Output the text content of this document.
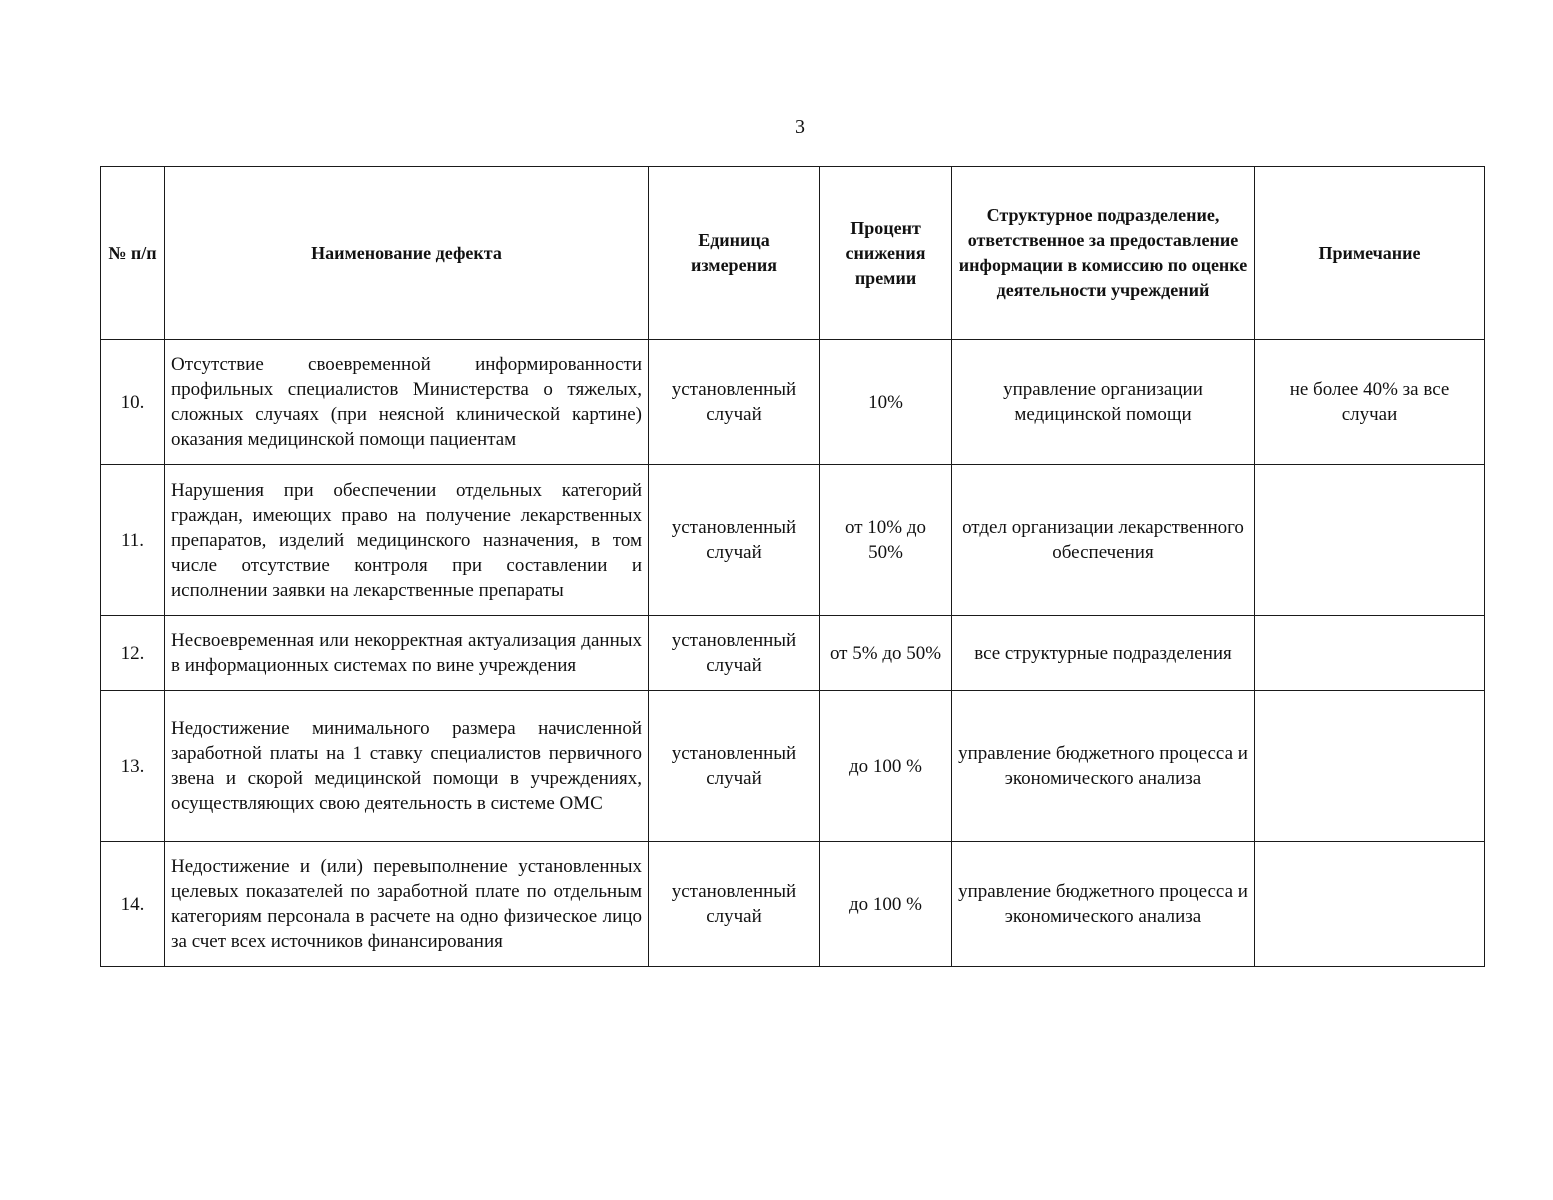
3
№ п/п	Наименование дефекта	Единица измерения	Процент снижения премии	Структурное подразделение, ответственное за предоставление информации в комиссию по оценке деятельности учреждений	Примечание
10.	Отсутствие своевременной информированности профильных специалистов Министерства о тяжелых, сложных случаях (при неясной клинической картине) оказания медицинской помощи пациентам	установленный случай	10%	управление организации медицинской помощи	не более 40% за все случаи
11.	Нарушения при обеспечении отдельных категорий граждан, имеющих право на получение лекарственных препаратов, изделий медицинского назначения, в том числе отсутствие контроля при составлении и исполнении заявки на лекарственные препараты	установленный случай	от 10% до 50%	отдел организации лекарственного обеспечения	
12.	Несвоевременная или некорректная актуализация данных в информационных системах по вине учреждения	установленный случай	от 5% до 50%	все структурные подразделения	
13.	Недостижение минимального размера начисленной заработной платы на 1 ставку специалистов первичного звена и скорой медицинской помощи в учреждениях, осуществляющих свою деятельность в системе ОМС	установленный случай	до 100 %	управление бюджетного процесса и экономического анализа	
14.	Недостижение и (или) перевыполнение установленных целевых показателей по заработной плате по отдельным категориям персонала в расчете на одно физическое лицо за счет всех источников финансирования	установленный случай	до 100 %	управление бюджетного процесса и экономического анализа	
